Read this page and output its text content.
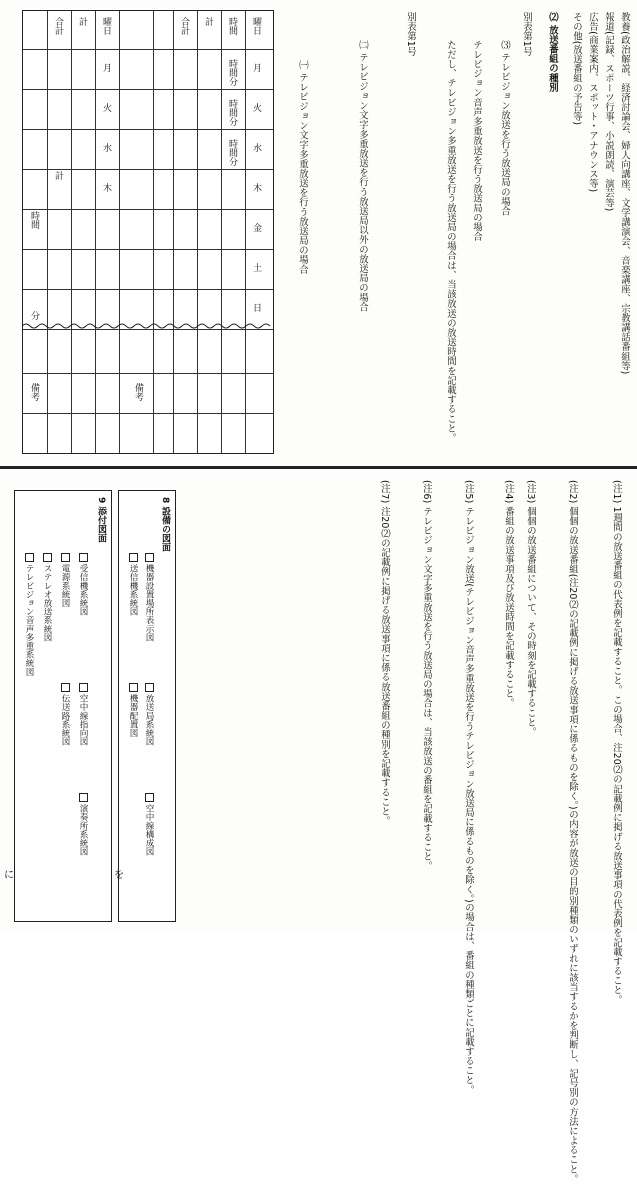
曜日
月
火
水
木
金
土
日
時間
時間
分
時間
分
時間
分
計
合計
備考
曜日
月
火
水
木
計
合計
計
時間
分
備考
教養(政治解説、経済討論会、婦人向講座、文学講演会、音楽講座、宗教講話番組等)
報道(記録、スポーツ行事、小説朗読、演芸等)
広告(商業案内、スポット・アナウンス等)
その他(放送番組の予告等)
⑵ 放送番組の種別
別表第1号
⑶ テレビジョン放送を行う放送局の場合
テレビジョン音声多重放送を行う放送局の場合
ただし、テレビジョン多重放送を行う放送局の場合は、当該放送の放送時間を記載すること。
別表第1号
㈡ テレビジョン文字多重放送を行う放送局以外の放送局の場合
㈠ テレビジョン文字多重放送を行う放送局の場合
(注1) 1週間の放送番組の代表例を記載すること。この場合、注20⑵の記載例に掲げる放送事項の代表例を記載すること。
(注2) 個個の放送番組(注20⑵の記載例に掲げる放送事項に係るものを除く。)の内容が放送の目的別種類のいずれに該当するかを判断し、記号別の方法によること。
(注3) 個個の放送番組について、その時刻を記載すること。
(注4) 番組の放送事項及び放送時間を記載すること。
(注5) テレビジョン放送(テレビジョン音声多重放送を行うテレビジョン放送局に係るものを除く。)の場合は、番組の種類ごとに記載すること。
(注6) テレビジョン文字多重放送を行う放送局の場合は、当該放送の番組を記載すること。
(注7) 注20⑵の記載例に掲げる放送事項に係る放送番組の種別を記載すること。
8 設備の図面
機器設置場所表示図
放送局系統図
空中線構成図
送信機系統図
機器配置図
9 添付図面
受信機系統図
空中線指向図
演奏所系統図
電源系統図
伝送路系統図
ステレオ放送系統図
テレビジョン音声多重系統図
を
に
